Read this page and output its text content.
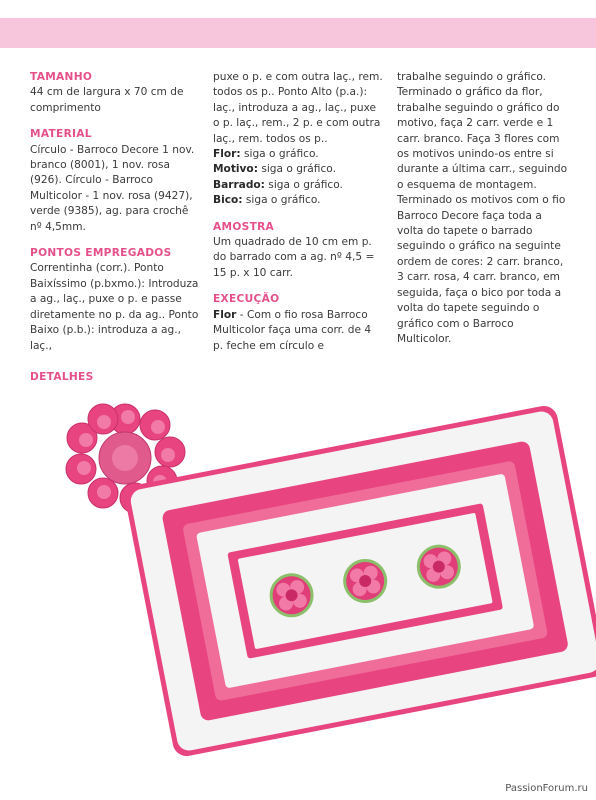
TAMANHO

44 cm de largura x 70 cm de comprimento

MATERIAL

Círculo - Barroco Decore 1 nov. branco (8001), 1 nov. rosa (926). Círculo - Barroco Multicolor - 1 nov. rosa (9427), verde (9385), ag. para crochê nº 4,5mm.

PONTOS EMPREGADOS

Correntinha (corr.). Ponto Baixíssimo (p.bxmo.): Introduza a ag., laç., puxe o p. e passe diretamente no p. da ag.. Ponto Baixo (p.b.): introduza a ag., laç.,

puxe o p. e com outra laç., rem. todos os p.. Ponto Alto (p.a.): laç., introduza a ag., laç., puxe o p. laç., rem., 2 p. e com outra laç., rem. todos os p..

Flor: siga o gráfico.

Motivo: siga o gráfico.

Barrado: siga o gráfico.

Bico: siga o gráfico.

AMOSTRA

Um quadrado de 10 cm em p. do barrado com a ag. nº 4,5 = 15 p. x 10 carr.

EXECUÇÃO

Flor - Com o fio rosa Barroco Multicolor faça uma corr. de 4 p. feche em círculo e

trabalhe seguindo o gráfico. Terminado o gráfico da flor, trabalhe seguindo o gráfico do motivo, faça 2 carr. verde e 1 carr. branco. Faça 3 flores com os motivos unindo-os entre si durante a última carr., seguindo o esquema de montagem. Terminado os motivos com o fio Barroco Decore faça toda a volta do tapete o barrado seguindo o gráfico na seguinte ordem de cores: 2 carr. branco, 3 carr. rosa, 4 carr. branco, em seguida, faça o bico por toda a volta do tapete seguindo o gráfico com o Barroco Multicolor.

DETALHES

PassionForum.ru
